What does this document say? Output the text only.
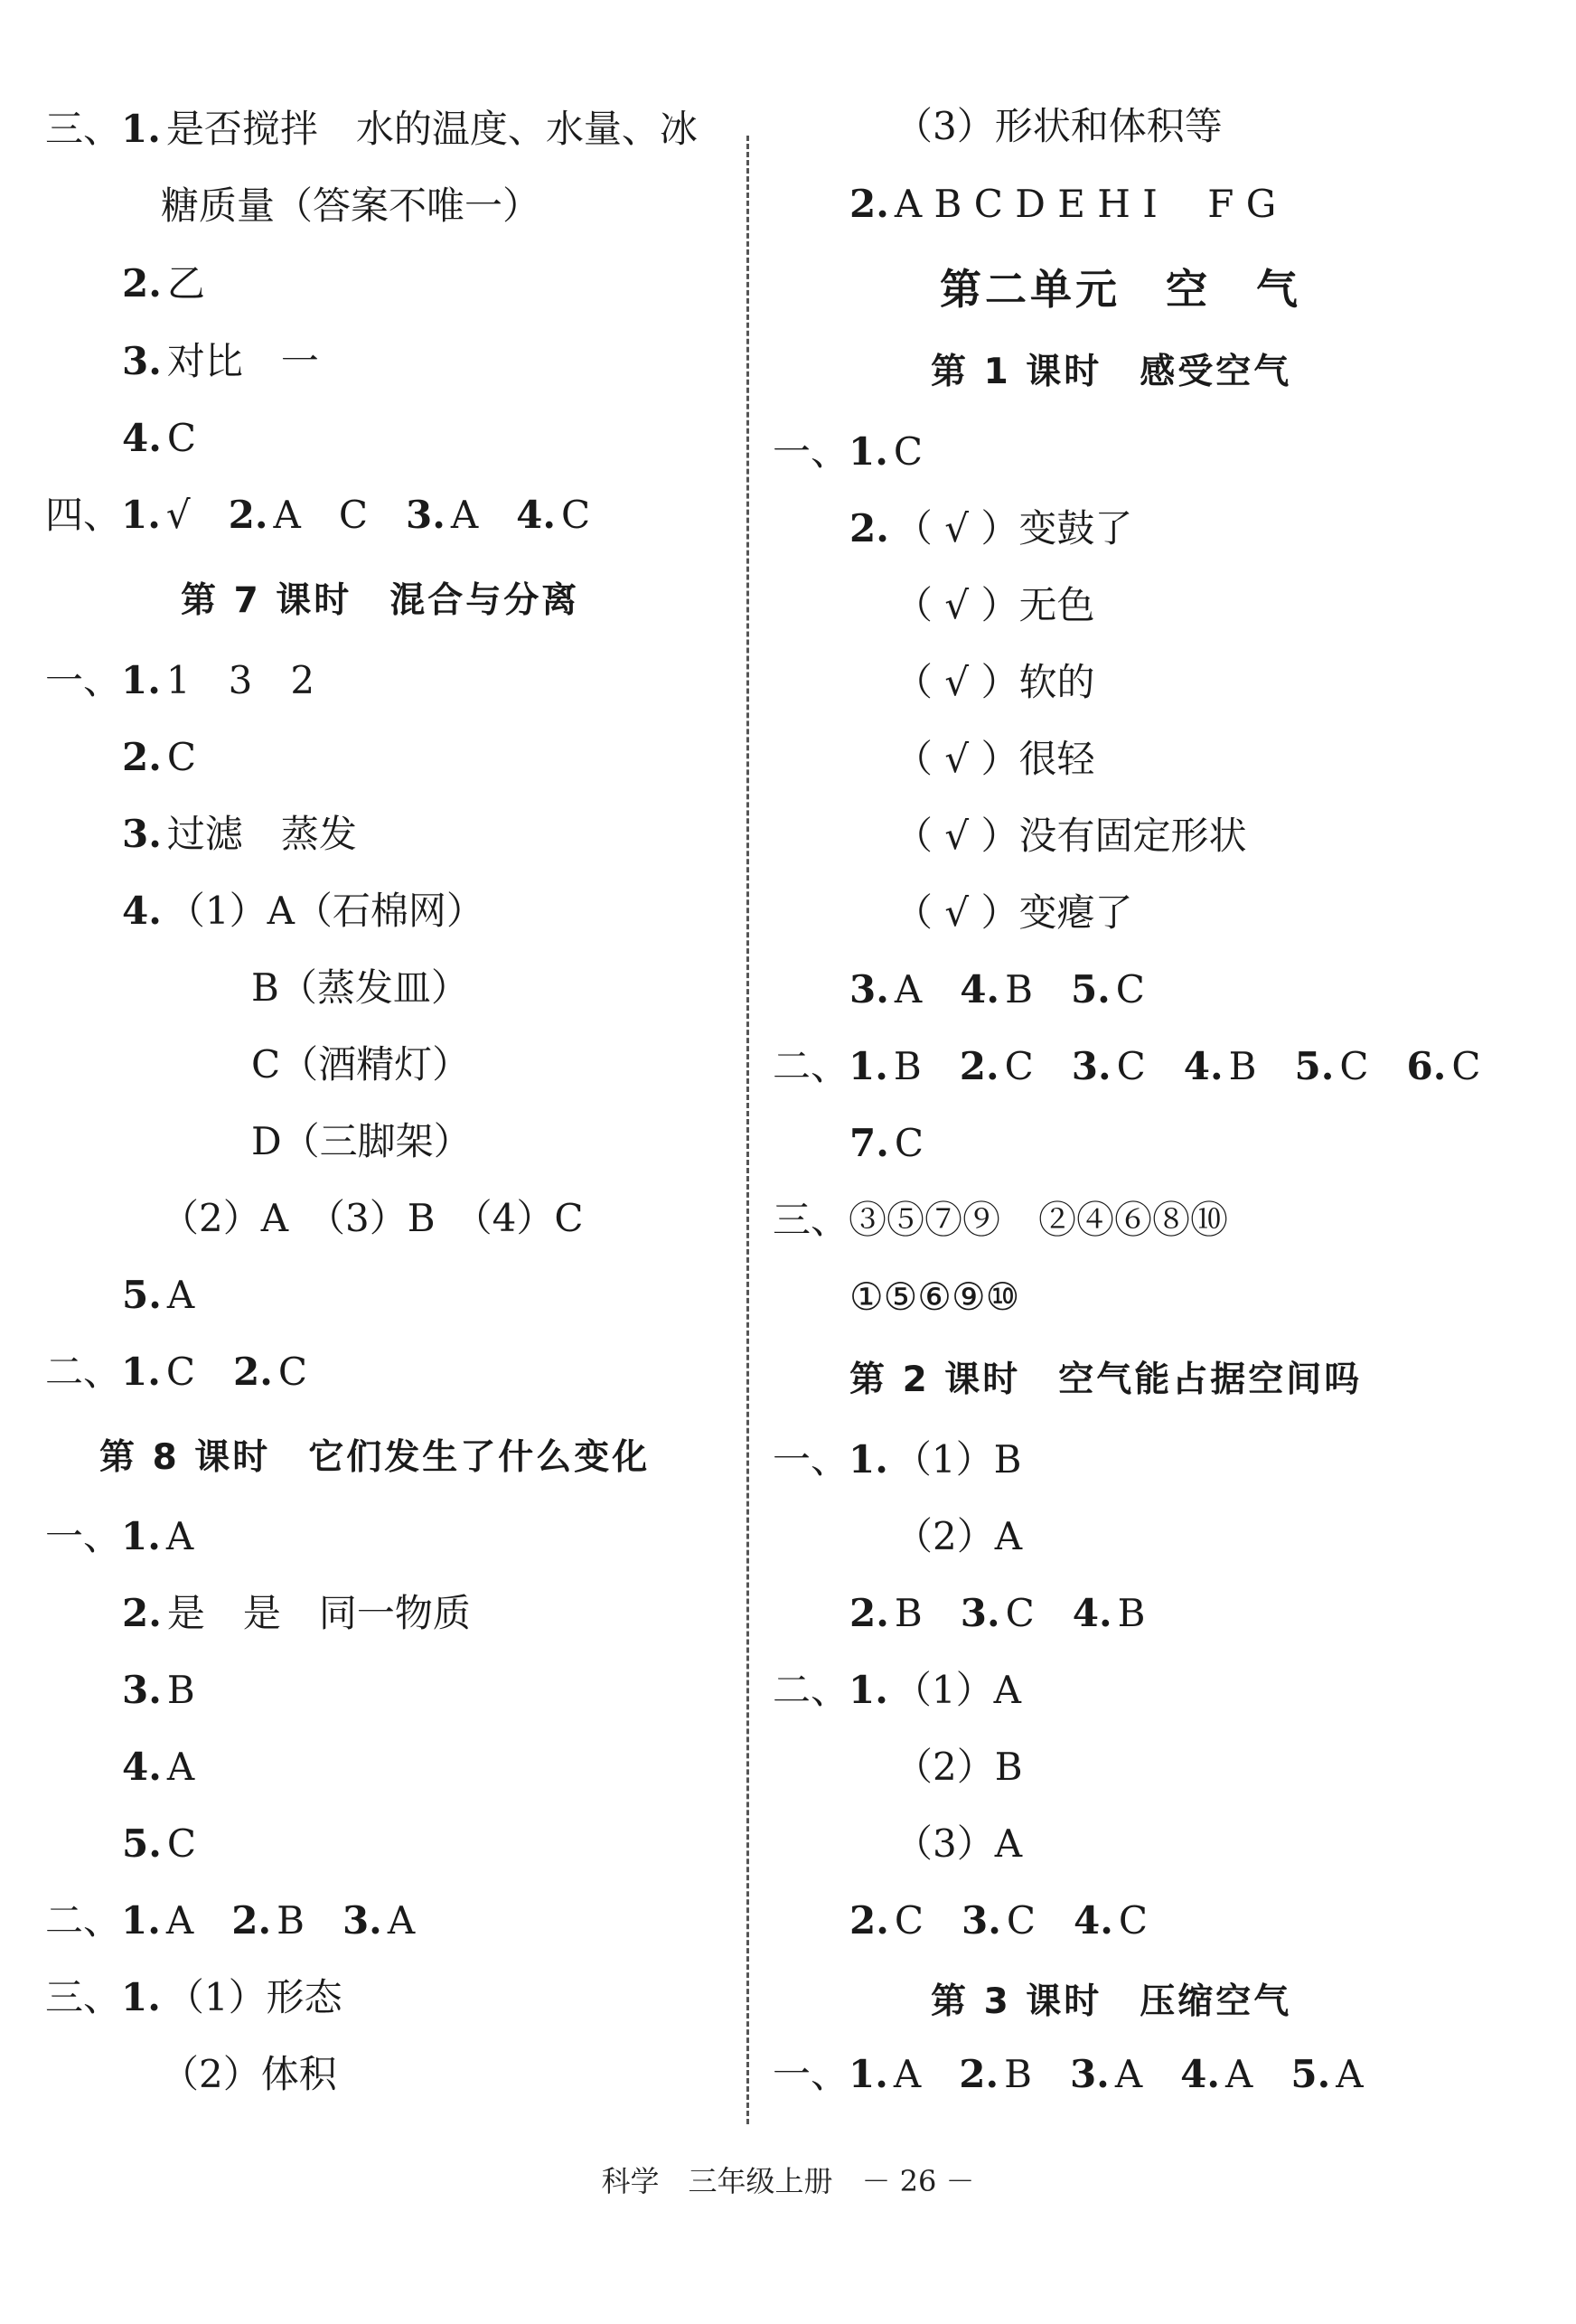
三、1. 是否搅拌　水的温度、水量、冰
糖质量（答案不唯一）
2. 乙
3. 对比　一
4. C
四、1. √　2. A　C　3. A　4. C
第 7 课时　混合与分离
一、1. 1　3　2
2. C
3. 过滤　蒸发
4. （1）A（石棉网）
B（蒸发皿）
C（酒精灯）
D（三脚架）
（2）A　（3）B　（4）C
5. A
二、1. C　2. C
第 8 课时　它们发生了什么变化
一、1. A
2. 是　是　同一物质
3. B
4. A
5. C
二、1. A　2. B　3. A
三、1. （1）形态
（2）体积
（3）形状和体积等
2. A B C D E H I　 F G
第二单元　空　气
第 1 课时　感受空气
一、1. C
2. （ √ ）变鼓了
（ √ ）无色
（ √ ）软的
（ √ ）很轻
（ √ ）没有固定形状
（ √ ）变瘪了
3. A　4. B　5. C
二、1. B　2. C　3. C　4. B　5. C　6. C
7. C
三、③⑤⑦⑨　②④⑥⑧⑩
①⑤⑥⑨⑩
第 2 课时　空气能占据空间吗
一、1. （1）B
（2）A
2. B　3. C　4. B
二、1. （1）A
（2）B
（3）A
2. C　3. C　4. C
第 3 课时　压缩空气
一、1. A　2. B　3. A　4. A　5. A
科学　三年级上册　－ 26 －
